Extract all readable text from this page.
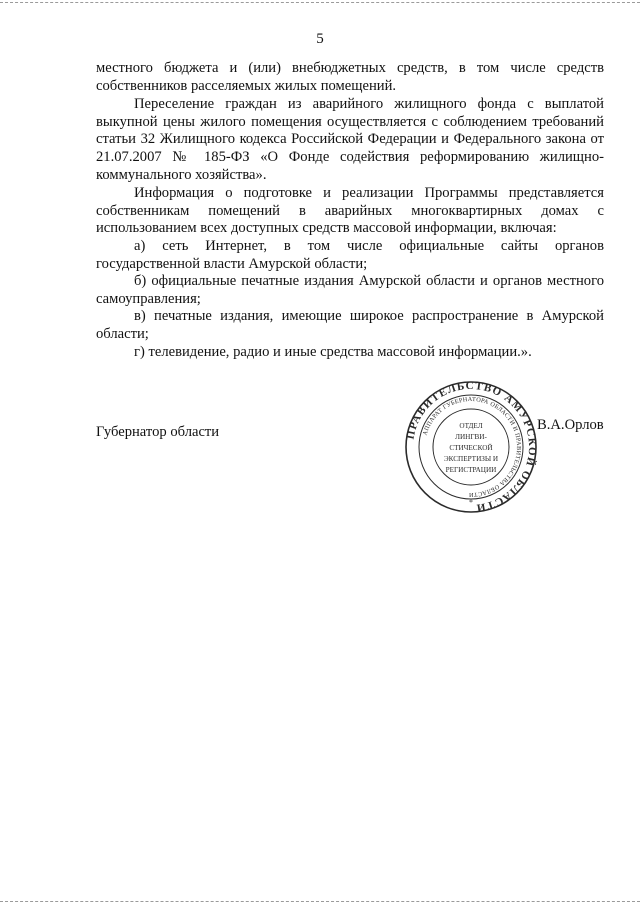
5

местного бюджета и (или) внебюджетных средств, в том числе средств собственников расселяемых жилых помещений.

Переселение граждан из аварийного жилищного фонда с выплатой выкупной цены жилого помещения осуществляется с соблюдением требований статьи 32 Жилищного кодекса Российской Федерации и Федерального закона от 21.07.2007 № 185-ФЗ «О Фонде содействия реформированию жилищно-коммунального хозяйства».

Информация о подготовке и реализации Программы представляется собственникам помещений в аварийных многоквартирных домах с использованием всех доступных средств массовой информации, включая:

а) сеть Интернет, в том числе официальные сайты органов государственной власти Амурской области;

б) официальные печатные издания Амурской области и органов местного самоуправления;

в) печатные издания, имеющие широкое распространение в Амурской области;

г) телевидение, радио и иные средства массовой информации.».

Губернатор области	ПРАВИТЕЛЬСТВО АМУРСКОЙ ОБЛАСТИ
АППАРАТ ГУБЕРНАТОРА ОБЛАСТИ И ПРАВИТЕЛЬСТВА ОБЛАСТИ
ОТДЕЛ
ЛИНГВИ-
СТИЧЕСКОЙ
ЭКСПЕРТИЗЫ И
РЕГИСТРАЦИИ
*
В.А.Орлов
